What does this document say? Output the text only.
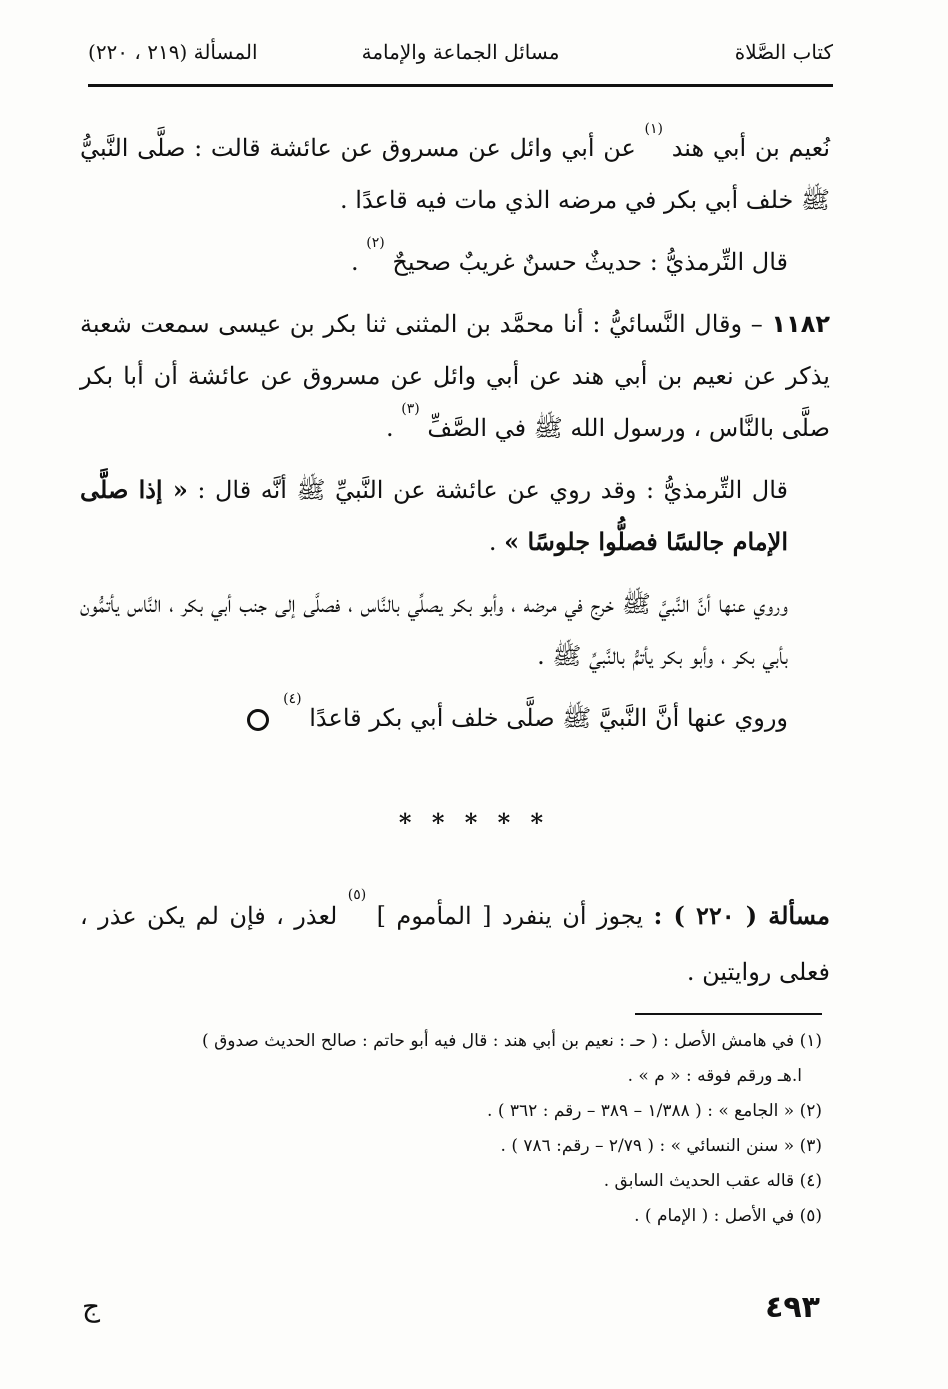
كتاب الصَّلاة
مسائل الجماعة والإمامة
المسألة (٢١٩ ، ٢٢٠)

نُعيم بن أبي هند $^{(١)}$ عن أبي وائل عن مسروق عن عائشة قالت : صلَّى النَّبيُّ ﷺ خلف أبي بكر في مرضه الذي مات فيه قاعدًا .

قال التِّرمذيُّ : حديثٌ حسنٌ غريبٌ صحيحٌ $^{(٢)}$ .

١١٨٢ – وقال النَّسائيُّ : أنا محمَّد بن المثنى ثنا بكر بن عيسى سمعت شعبة يذكر عن نعيم بن أبي هند عن أبي وائل عن مسروق عن عائشة أن أبا بكر صلَّى بالنَّاس ، ورسول الله ﷺ في الصَّفِّ $^{(٣)}$ .

قال التِّرمذيُّ : وقد روي عن عائشة عن النَّبيِّ ﷺ أنَّه قال : « إذا صلَّى الإمام جالسًا فصلُّوا جلوسًا » .

وروي عنها أنَّ النَّبيَّ ﷺ خرج في مرضه ، وأبو بكر يصلِّي بالنَّاس ، فصلَّى إلى جنب أبي بكر ، النَّاس يأتمُّون بأبي بكر ، وأبو بكر يأتمُّ بالنَّبيِّ ﷺ .

وروي عنها أنَّ النَّبيَّ ﷺ صلَّى خلف أبي بكر قاعدًا $^{(٤)}$

* * * * *

مسألة ( ٢٢٠ ) : يجوز أن ينفرد [ المأموم ] $^{(٥)}$ لعذر ، فإن لم يكن عذر ، فعلى روايتين .

(١) في هامش الأصل : ( حـ : نعيم بن أبي هند : قال فيه أبو حاتم : صالح الحديث صدوق )
ا.هـ ورقم فوقه : « م » .
(٢) « الجامع » : ( ١/٣٨٨ – ٣٨٩ – رقم : ٣٦٢ ) .
(٣) « سنن النسائي » : ( ٢/٧٩ – رقم: ٧٨٦ ) .
(٤) قاله عقب الحديث السابق .
(٥) في الأصل : ( الإمام ) .
٤٩٣
ج
